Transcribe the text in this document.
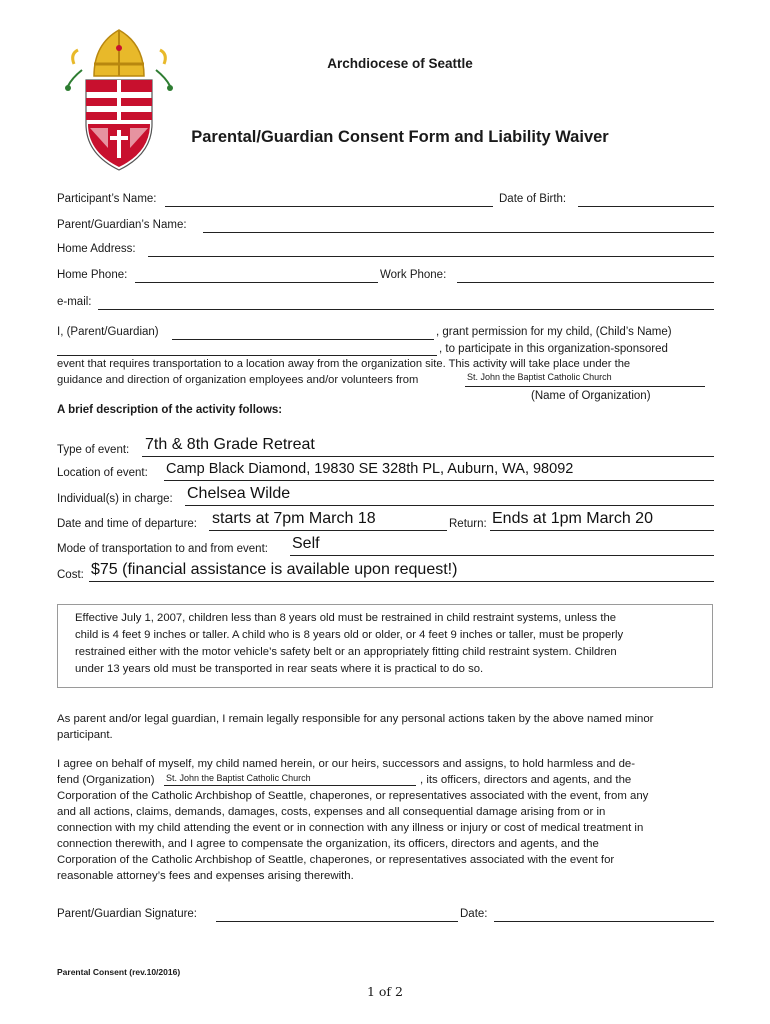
Archdiocese of Seattle
Parental/Guardian Consent Form and Liability Waiver
Participant’s Name:	Date of Birth:
Parent/Guardian’s Name:
Home Address:
Home Phone:	Work Phone:
e-mail:
I, (Parent/Guardian)	, grant permission for my child, (Child’s Name)
, to participate in this organization-sponsored
event that requires transportation to a location away from the organization site. This activity will take place under the
guidance and direction of organization employees and/or volunteers from	St. John the Baptist Catholic Church
(Name of Organization)
A brief description of the activity follows:
Type of event: 7th & 8th Grade Retreat
Location of event: Camp Black Diamond, 19830 SE 328th PL, Auburn, WA, 98092
Individual(s) in charge: Chelsea Wilde
Date and time of departure: starts at 7pm March 18	Return: Ends at 1pm March 20
Mode of transportation to and from event: Self
Cost: $75 (financial assistance is available upon request!)
Effective July 1, 2007, children less than 8 years old must be restrained in child restraint systems, unless the
child is 4 feet 9 inches or taller. A child who is 8 years old or older, or 4 feet 9 inches or taller, must be properly
restrained either with the motor vehicle’s safety belt or an appropriately fitting child restraint system. Children
under 13 years old must be transported in rear seats where it is practical to do so.
As parent and/or legal guardian, I remain legally responsible for any personal actions taken by the above named minor
participant.
I agree on behalf of myself, my child named herein, or our heirs, successors and assigns, to hold harmless and de-
fend (Organization) St. John the Baptist Catholic Church	, its officers, directors and agents, and the
Corporation of the Catholic Archbishop of Seattle, chaperones, or representatives associated with the event, from any
and all actions, claims, demands, damages, costs, expenses and all consequential damage arising from or in
connection with my child attending the event or in connection with any illness or injury or cost of medical treatment in
connection therewith, and I agree to compensate the organization, its officers, directors and agents, and the
Corporation of the Catholic Archbishop of Seattle, chaperones, or representatives associated with the event for
reasonable attorney’s fees and expenses arising therewith.
Parent/Guardian Signature:	Date:
Parental Consent (rev.10/2016)
1 of 2
